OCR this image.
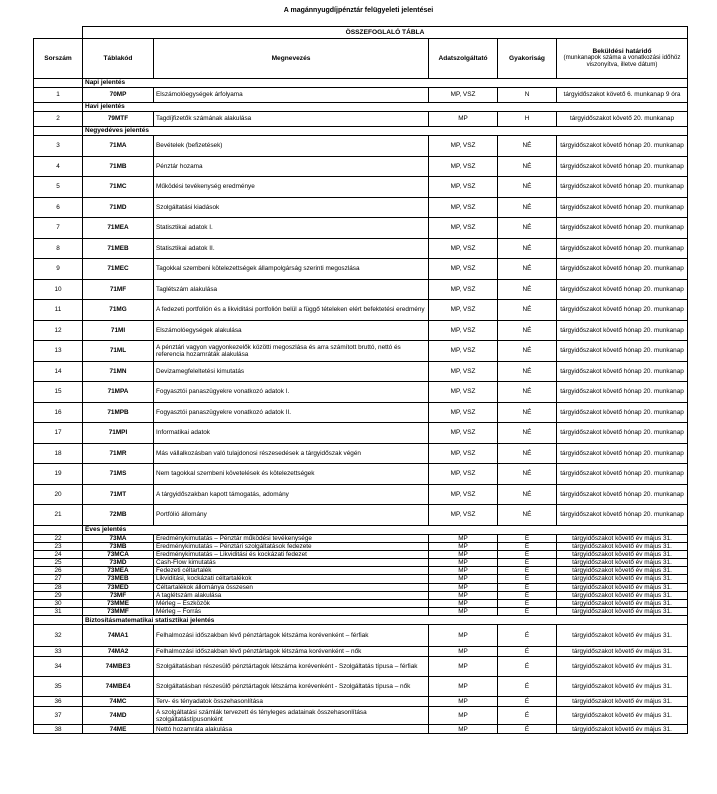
A magánnyugdíjpénztár felügyeleti jelentései
	ÖSSZEFOGLALÓ TÁBLA				
Sorszám	Táblakód	Megnevezés	Adatszolgáltató	Gyakoriság	Beküldési határidő
(munkanapok száma a vonatkozási időhöz viszonyítva, illetve dátum)

	Napi jelentés				
1	70MP	Elszámolóegységek árfolyama	MP, VSZ	N	tárgyidőszakot követő 6. munkanap 9 óra
	Havi jelentés				
2	79MTF	Tagdíjfizetők számának alakulása	MP	H	tárgyidőszakot követő 20. munkanap
	Negyedéves jelentés				
3	71MA	Bevételek (befizetések)	MP, VSZ	NÉ	tárgyidőszakot követő hónap 20. munkanap
4	71MB	Pénztár hozama	MP, VSZ	NÉ	tárgyidőszakot követő hónap 20. munkanap
5	71MC	Működési tevékenység eredménye	MP, VSZ	NÉ	tárgyidőszakot követő hónap 20. munkanap
6	71MD	Szolgáltatási kiadások	MP, VSZ	NÉ	tárgyidőszakot követő hónap 20. munkanap
7	71MEA	Statisztikai adatok I.	MP, VSZ	NÉ	tárgyidőszakot követő hónap 20. munkanap
8	71MEB	Statisztikai adatok II.	MP, VSZ	NÉ	tárgyidőszakot követő hónap 20. munkanap
9	71MEC	Tagokkal szembeni kötelezettségek állampolgárság szerinti megoszlása	MP, VSZ	NÉ	tárgyidőszakot követő hónap 20. munkanap
10	71MF	Taglétszám alakulása	MP, VSZ	NÉ	tárgyidőszakot követő hónap 20. munkanap
11	71MG	A fedezeti portfolión és a likviditási portfolión belül a függő tételeken elért befektetési eredmény	MP, VSZ	NÉ	tárgyidőszakot követő hónap 20. munkanap
12	71MI	Elszámolóegységek alakulása	MP, VSZ	NÉ	tárgyidőszakot követő hónap 20. munkanap
13	71ML	A pénztári vagyon vagyonkezelők közötti megoszlása és arra számított bruttó, nettó és referencia hozamráták alakulása	MP, VSZ	NÉ	tárgyidőszakot követő hónap 20. munkanap
14	71MN	Devizamegfeleltetési kimutatás	MP, VSZ	NÉ	tárgyidőszakot követő hónap 20. munkanap
15	71MPA	Fogyasztói panaszügyekre vonatkozó adatok I.	MP, VSZ	NÉ	tárgyidőszakot követő hónap 20. munkanap
16	71MPB	Fogyasztói panaszügyekre vonatkozó adatok II.	MP, VSZ	NÉ	tárgyidőszakot követő hónap 20. munkanap
17	71MPI	Informatikai adatok	MP, VSZ	NÉ	tárgyidőszakot követő hónap 20. munkanap
18	71MR	Más vállalkozásban való tulajdonosi részesedések a tárgyidőszak végén	MP, VSZ	NÉ	tárgyidőszakot követő hónap 20. munkanap
19	71MS	Nem tagokkal szembeni követelések és kötelezettségek	MP, VSZ	NÉ	tárgyidőszakot követő hónap 20. munkanap
20	71MT	A tárgyidőszakban kapott támogatás, adomány	MP, VSZ	NÉ	tárgyidőszakot követő hónap 20. munkanap
21	72MB	Portfólió állomány	MP, VSZ	NÉ	tárgyidőszakot követő hónap 20. munkanap
	Éves jelentés				
22	73MA	Eredménykimutatás – Pénztár működési tevékenysége	MP	É	tárgyidőszakot követő év május 31.
23	73MB	Eredménykimutatás – Pénztári szolgáltatások fedezete	MP	É	tárgyidőszakot követő év május 31.
24	73MCA	Eredménykimutatás – Likviditási és kockázati fedezet	MP	É	tárgyidőszakot követő év május 31.
25	73MD	Cash-Flow kimutatás	MP	É	tárgyidőszakot követő év május 31.
26	73MEA	Fedezeti céltartalék	MP	É	tárgyidőszakot követő év május 31.
27	73MEB	Likviditási, kockázati céltartalékok	MP	É	tárgyidőszakot követő év május 31.
28	73MED	Céltartalékok állománya összesen	MP	É	tárgyidőszakot követő év május 31.
29	73MF	A taglétszám alakulása	MP	É	tárgyidőszakot követő év május 31.
30	73MME	Mérleg – Eszközök	MP	É	tárgyidőszakot követő év május 31.
31	73MMF	Mérleg – Forrás	MP	É	tárgyidőszakot követő év május 31.
	Biztosításmatematikai statisztikai jelentés				
32	74MA1	Felhalmozási időszakban lévő pénztártagok létszáma korévenként – férfiak	MP	É	tárgyidőszakot követő év május 31.
33	74MA2	Felhalmozási időszakban lévő pénztártagok létszáma korévenként – nők	MP	É	tárgyidőszakot követő év május 31.
34	74MBE3	Szolgáltatásban részesülő pénztártagok létszáma korévenként - Szolgáltatás típusa – férfiak	MP	É	tárgyidőszakot követő év május 31.
35	74MBE4	Szolgáltatásban részesülő pénztártagok létszáma korévenként - Szolgáltatás típusa – nők	MP	É	tárgyidőszakot követő év május 31.
36	74MC	Terv- és tényadatok összehasonlítása	MP	É	tárgyidőszakot követő év május 31.
37	74MD	A szolgáltatási számlák tervezett és tényleges adatainak összehasonlítása szolgáltatástípusonként	MP	É	tárgyidőszakot követő év május 31.
38	74ME	Nettó hozamráta alakulása	MP	É	tárgyidőszakot követő év május 31.
